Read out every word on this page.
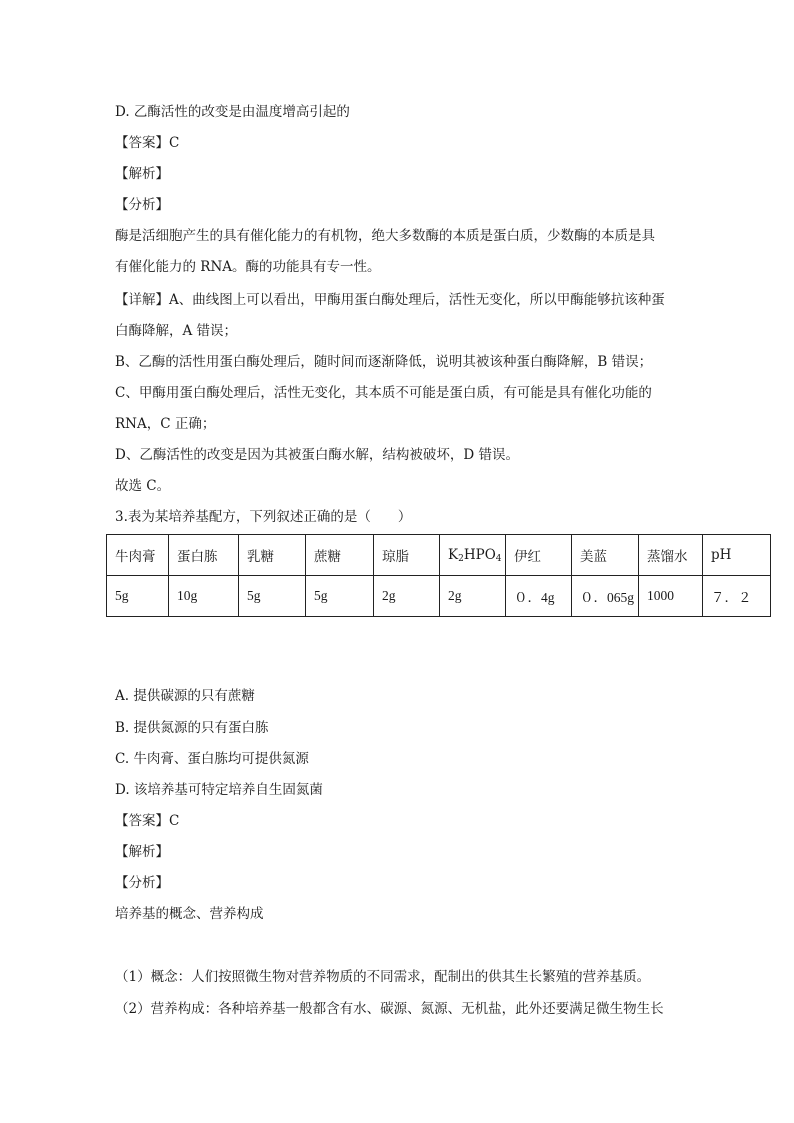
D. 乙酶活性的改变是由温度增高引起的
【答案】C
【解析】
【分析】
酶是活细胞产生的具有催化能力的有机物，绝大多数酶的本质是蛋白质，少数酶的本质是具
有催化能力的 RNA。酶的功能具有专一性。
【详解】A、曲线图上可以看出，甲酶用蛋白酶处理后，活性无变化，所以甲酶能够抗该种蛋
白酶降解，A 错误；
B、乙酶的活性用蛋白酶处理后，随时间而逐渐降低，说明其被该种蛋白酶降解，B 错误；
C、甲酶用蛋白酶处理后，活性无变化，其本质不可能是蛋白质，有可能是具有催化功能的
RNA，C 正确；
D、乙酶活性的改变是因为其被蛋白酶水解，结构被破坏，D 错误。
故选 C。
3.表为某培养基配方，下列叙述正确的是（　　）
牛肉膏	蛋白胨	乳糖	蔗糖	琼脂	$K_2HPO_4$	伊红	美蓝	蒸馏水	pH
5g	10g	5g	5g	2g	2g	０．4g	０．065g	1000	７．２
A. 提供碳源的只有蔗糖
B. 提供氮源的只有蛋白胨
C. 牛肉膏、蛋白胨均可提供氮源
D. 该培养基可特定培养自生固氮菌
【答案】C
【解析】
【分析】
培养基的概念、营养构成
（1）概念：人们按照微生物对营养物质的不同需求，配制出的供其生长繁殖的营养基质。
（2）营养构成：各种培养基一般都含有水、碳源、氮源、无机盐，此外还要满足微生物生长
